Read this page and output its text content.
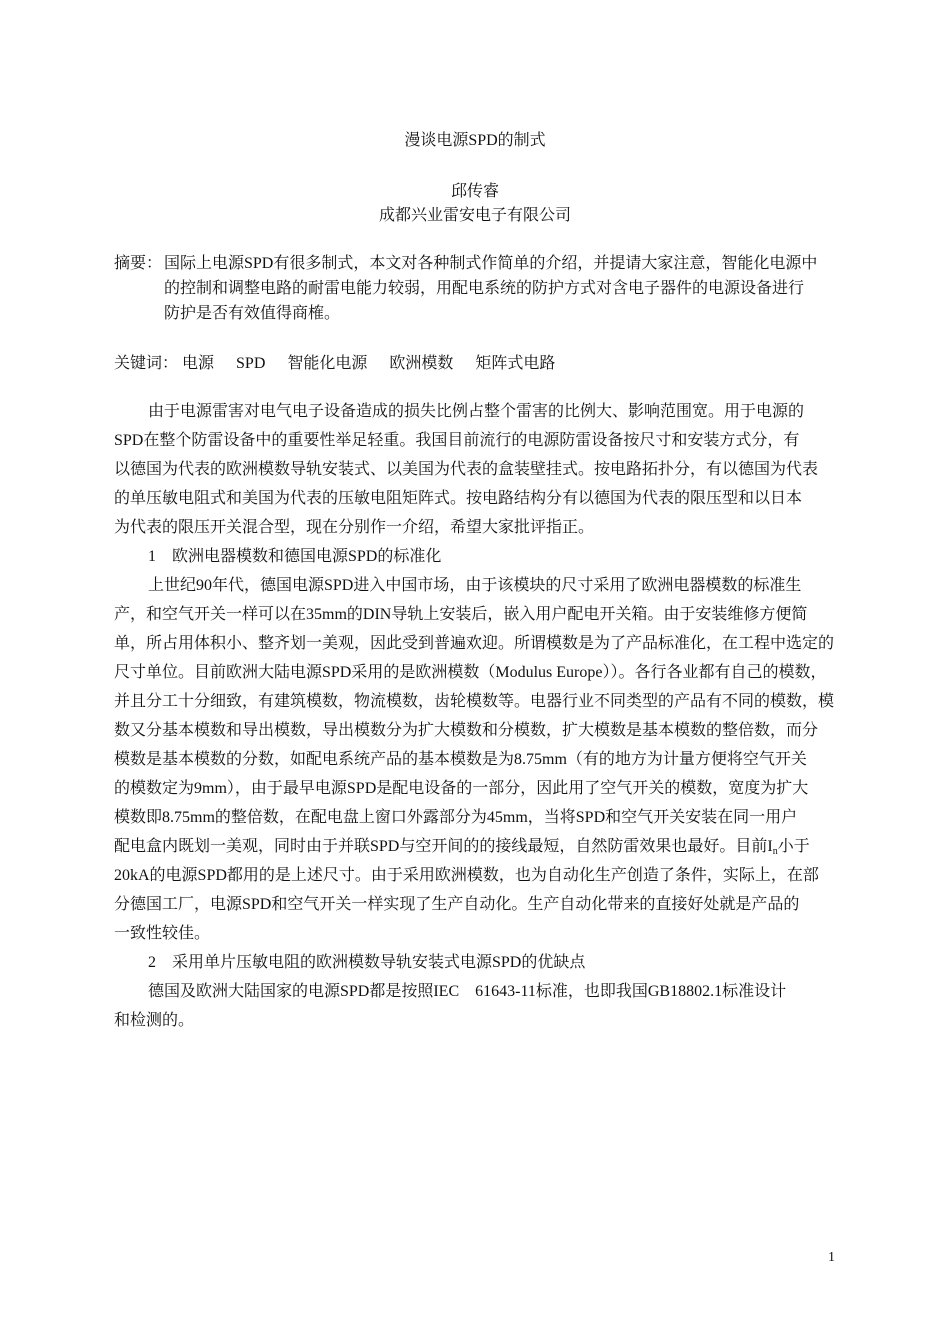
漫谈电源SPD的制式
邱传睿
成都兴业雷安电子有限公司
摘要： 国际上电源SPD有很多制式，本文对各种制式作简单的介绍，并提请大家注意，智能化电源中
的控制和调整电路的耐雷电能力较弱，用配电系统的防护方式对含电子器件的电源设备进行
防护是否有效值得商榷。
关键词： 电源 SPD 智能化电源 欧洲模数 矩阵式电路
由于电源雷害对电气电子设备造成的损失比例占整个雷害的比例大、影响范围宽。用于电源的
SPD在整个防雷设备中的重要性举足轻重。我国目前流行的电源防雷设备按尺寸和安装方式分，有
以德国为代表的欧洲模数导轨安装式、以美国为代表的盒装壁挂式。按电路拓扑分，有以德国为代表
的单压敏电阻式和美国为代表的压敏电阻矩阵式。按电路结构分有以德国为代表的限压型和以日本
为代表的限压开关混合型，现在分别作一介绍，希望大家批评指正。
1　欧洲电器模数和德国电源SPD的标准化
上世纪90年代，德国电源SPD进入中国市场，由于该模块的尺寸采用了欧洲电器模数的标准生
产，和空气开关一样可以在35mm的DIN导轨上安装后，嵌入用户配电开关箱。由于安装维修方便简
单，所占用体积小、整齐划一美观，因此受到普遍欢迎。所谓模数是为了产品标准化，在工程中选定的
尺寸单位。目前欧洲大陆电源SPD采用的是欧洲模数（Modulus Europe））。各行各业都有自己的模数，
并且分工十分细致，有建筑模数，物流模数，齿轮模数等。电器行业不同类型的产品有不同的模数，模
数又分基本模数和导出模数，导出模数分为扩大模数和分模数，扩大模数是基本模数的整倍数，而分
模数是基本模数的分数，如配电系统产品的基本模数是为8.75mm（有的地方为计量方便将空气开关
的模数定为9mm），由于最早电源SPD是配电设备的一部分，因此用了空气开关的模数，宽度为扩大
模数即8.75mm的整倍数，在配电盘上窗口外露部分为45mm，当将SPD和空气开关安装在同一用户
配电盒内既划一美观，同时由于并联SPD与空开间的的接线最短，自然防雷效果也最好。目前$I_n$小于
20kA的电源SPD都用的是上述尺寸。由于采用欧洲模数，也为自动化生产创造了条件，实际上，在部
分德国工厂，电源SPD和空气开关一样实现了生产自动化。生产自动化带来的直接好处就是产品的
一致性较佳。
2　采用单片压敏电阻的欧洲模数导轨安装式电源SPD的优缺点
德国及欧洲大陆国家的电源SPD都是按照IEC　61643-11标准，也即我国GB18802.1标准设计
和检测的。
1
